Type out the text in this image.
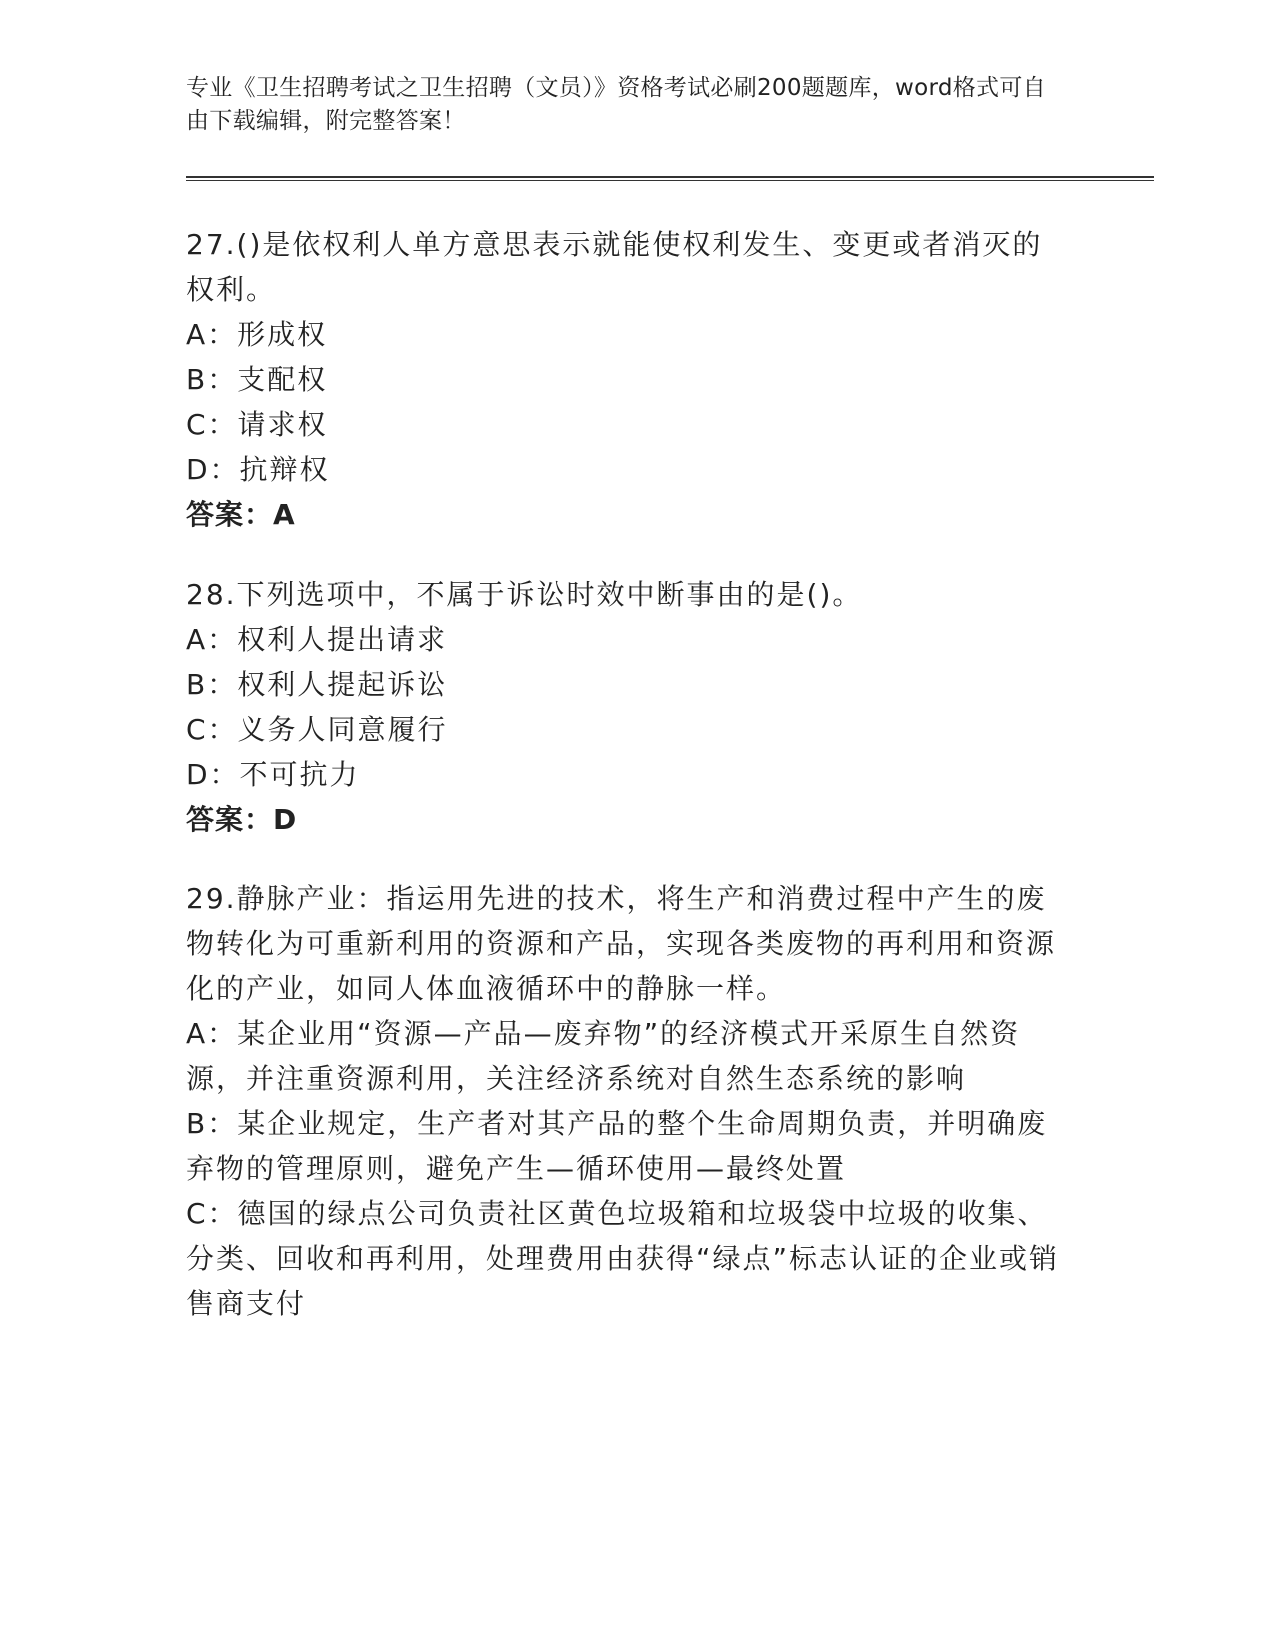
专业《卫生招聘考试之卫生招聘（文员）》资格考试必刷200题题库，word格式可自由下载编辑，附完整答案！
27.()是依权利人单方意思表示就能使权利发生、变更或者消灭的权利。
A：形成权
B：支配权
C：请求权
D：抗辩权
答案：A
28.下列选项中，不属于诉讼时效中断事由的是()。
A：权利人提出请求
B：权利人提起诉讼
C：义务人同意履行
D：不可抗力
答案：D
29.静脉产业：指运用先进的技术，将生产和消费过程中产生的废物转化为可重新利用的资源和产品，实现各类废物的再利用和资源化的产业，如同人体血液循环中的静脉一样。
A：某企业用“资源—产品—废弃物”的经济模式开采原生自然资源，并注重资源利用，关注经济系统对自然生态系统的影响
B：某企业规定，生产者对其产品的整个生命周期负责，并明确废弃物的管理原则，避免产生—循环使用—最终处置
C：德国的绿点公司负责社区黄色垃圾箱和垃圾袋中垃圾的收集、分类、回收和再利用，处理费用由获得“绿点”标志认证的企业或销售商支付
